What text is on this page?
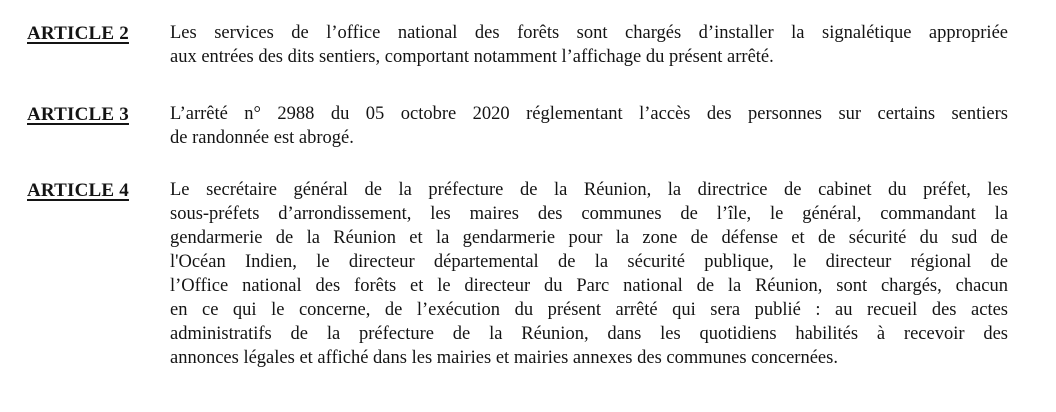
ARTICLE 2 Les services de l’office national des forêts sont chargés d’installer la signalétique appropriée
aux entrées des dits sentiers, comportant notamment l’affichage du présent arrêté.
ARTICLE 3 L’arrêté n° 2988 du 05 octobre 2020 réglementant l’accès des personnes sur certains sentiers
de randonnée est abrogé.
ARTICLE 4 Le secrétaire général de la préfecture de la Réunion, la directrice de cabinet du préfet, les
sous-préfets d’arrondissement, les maires des communes de l’île, le général, commandant la
gendarmerie de la Réunion et la gendarmerie pour la zone de défense et de sécurité du sud de
l'Océan Indien, le directeur départemental de la sécurité publique, le directeur régional de
l’Office national des forêts et le directeur du Parc national de la Réunion, sont chargés, chacun
en ce qui le concerne, de l’exécution du présent arrêté qui sera publié : au recueil des actes
administratifs de la préfecture de la Réunion, dans les quotidiens habilités à recevoir des
annonces légales et affiché dans les mairies et mairies annexes des communes concernées.
